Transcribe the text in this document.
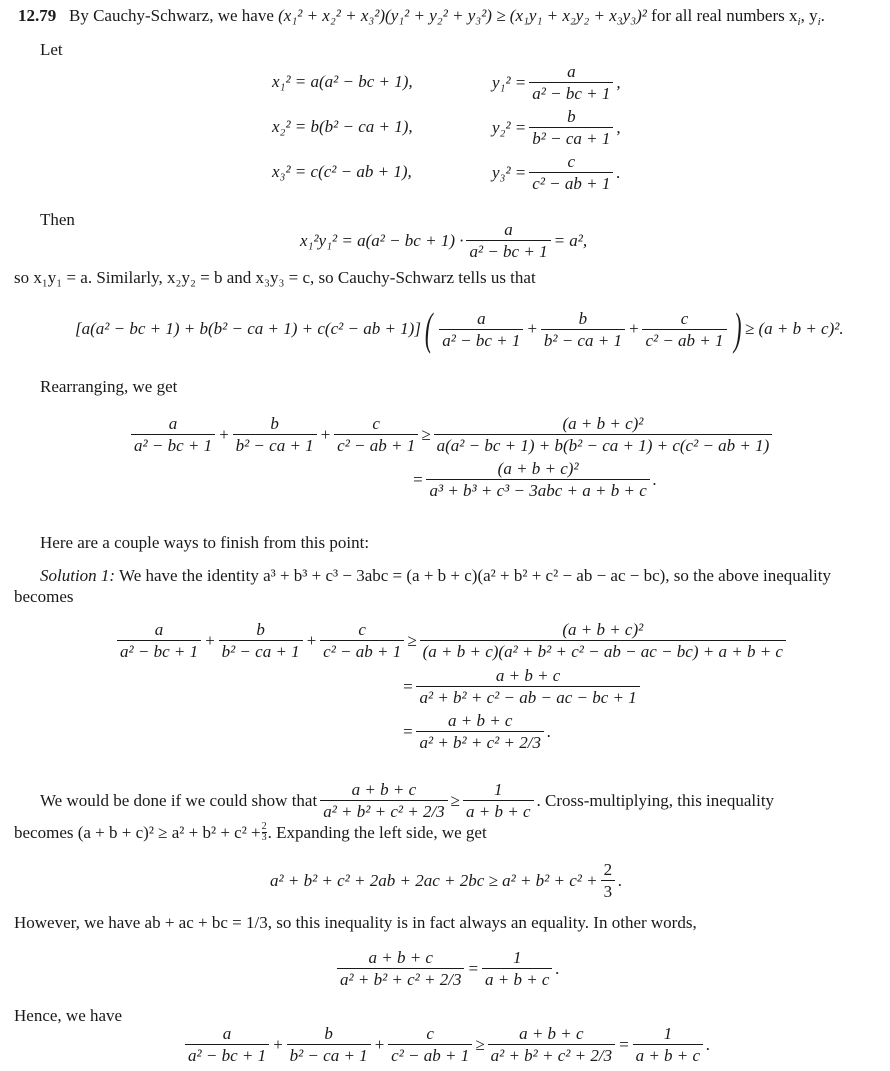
12.79 By Cauchy-Schwarz, we have (x₁² + x₂² + x₃²)(y₁² + y₂² + y₃²) ≥ (x₁y₁ + x₂y₂ + x₃y₃)² for all real numbers $x_i$, $y_i$.
Let
x₁² = a(a² − bc + 1),
x₂² = b(b² − ca + 1),
x₃² = c(c² − ab + 1),
$y_1^2 = \frac{a}{\text{a² − bc + 1}}$ ,
$y_2^2 = \frac{b}{\text{b² − ca + 1}}$ ,
$y_3^2 = \frac{c}{\text{c² − ab + 1}}$ .
Then
x₁²y₁² = a(a² − bc + $1) \cdot \frac{a}{\text{a² − bc + 1}} = a^2$,
so x₁y₁ = a. Similarly, x₂y₂ = b and x₃y₃ = c, so Cauchy-Schwarz tells us that
[a(a² − bc + 1) + b(b² − ca + 1) + c(c² − ab + 1)] ( $\frac{a}{\text{a² − bc + 1}} + \frac{b}{\text{b² − ca + 1}} + \frac{c}{\text{c² − ab + 1}}$ ) ≥ (a + b + c)².
Rearranging, we get
$\frac{a}{\text{a² − bc + 1}} + \frac{b}{\text{b² − ca + 1}} + \frac{c}{\text{c² − ab + 1}} \ge \frac{\text{(a + b + c)²}}{\text{a(a² − bc + 1) + b(b² − ca + 1) + c(c² − ab + 1)}}$
= $\frac{\text{(a + b + c)²}}{\text{a³ + b³ + c³ − 3abc + a + b + c}}$ .
Here are a couple ways to finish from this point:
Solution 1: We have the identity a³ + b³ + c³ − 3abc = (a + b + c)(a² + b² + c² − ab − ac − bc), so the above inequality
becomes
$\frac{a}{\text{a² − bc + 1}} + \frac{b}{\text{b² − ca + 1}} + \frac{c}{\text{c² − ab + 1}} \ge \frac{\text{(a + b + c)²}}{\text{(a + b + c)(a² + b² + c² − ab − ac − bc) + a + b + c}}$
= $\frac{a + b + c}{\text{a² + b² + c² − ab − ac − bc + 1}}$
= $\frac{a + b + c}{\text{a² + b² + c² + 2/3}}$ .
We would be done if we could show that $\frac{a + b + c}{\text{a² + b² + c² + 2/3}} \ge \frac{1}{a + b + c}$ . Cross-multiplying, this inequality
becomes $(a + b + c)^2 \ge a^2 + b^2 + c^2 + \frac{2}{3}$ . Expanding the left side, we get
$a^2 + b^2 + c^2 + 2ab + 2ac + 2bc \ge a^2 + b^2 + c^2 + \frac{2}{3}$ .
However, we have ab + ac + bc = 1/3, so this inequality is in fact always an equality. In other words,
$\frac{a + b + c}{\text{a² + b² + c² + 2/3}} = \frac{1}{a + b + c}$ .
Hence, we have
$\frac{a}{\text{a² − bc + 1}} + \frac{b}{\text{b² − ca + 1}} + \frac{c}{\text{c² − ab + 1}} \ge \frac{a + b + c}{\text{a² + b² + c² + 2/3}} = \frac{1}{a + b + c}$ .
